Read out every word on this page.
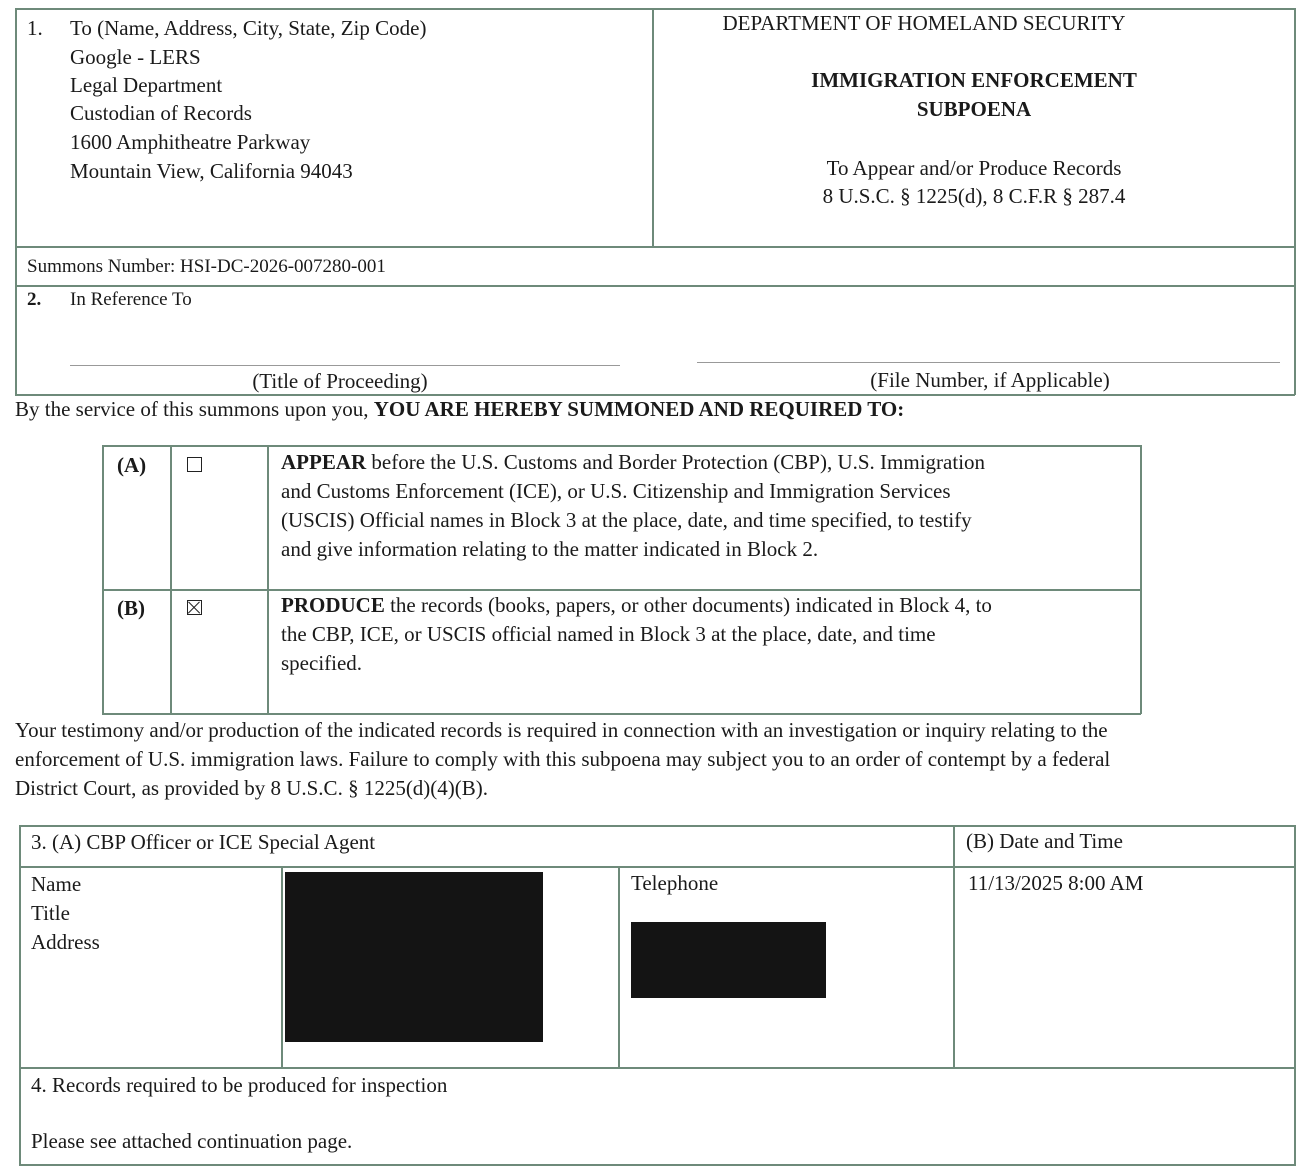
1. To (Name, Address, City, State, Zip Code)
Google - LERS
Legal Department
Custodian of Records
1600 Amphitheatre Parkway
Mountain View, California 94043
DEPARTMENT OF HOMELAND SECURITY
IMMIGRATION ENFORCEMENT
SUBPOENA
To Appear and/or Produce Records
8 U.S.C. § 1225(d), 8 C.F.R § 287.4
Summons Number: HSI-DC-2026-007280-001
2. In Reference To
(Title of Proceeding)	(File Number, if Applicable)
By the service of this summons upon you, YOU ARE HEREBY SUMMONED AND REQUIRED TO:
(A)	APPEAR before the U.S. Customs and Border Protection (CBP), U.S. Immigration
and Customs Enforcement (ICE), or U.S. Citizenship and Immigration Services
(USCIS) Official names in Block 3 at the place, date, and time specified, to testify
and give information relating to the matter indicated in Block 2.
(B)	PRODUCE the records (books, papers, or other documents) indicated in Block 4, to
the CBP, ICE, or USCIS official named in Block 3 at the place, date, and time
specified.
Your testimony and/or production of the indicated records is required in connection with an investigation or inquiry relating to the
enforcement of U.S. immigration laws. Failure to comply with this subpoena may subject you to an order of contempt by a federal
District Court, as provided by 8 U.S.C. § 1225(d)(4)(B).
3. (A) CBP Officer or ICE Special Agent	(B) Date and Time
Name
Title
Address
Telephone	11/13/2025 8:00 AM
4. Records required to be produced for inspection
Please see attached continuation page.
